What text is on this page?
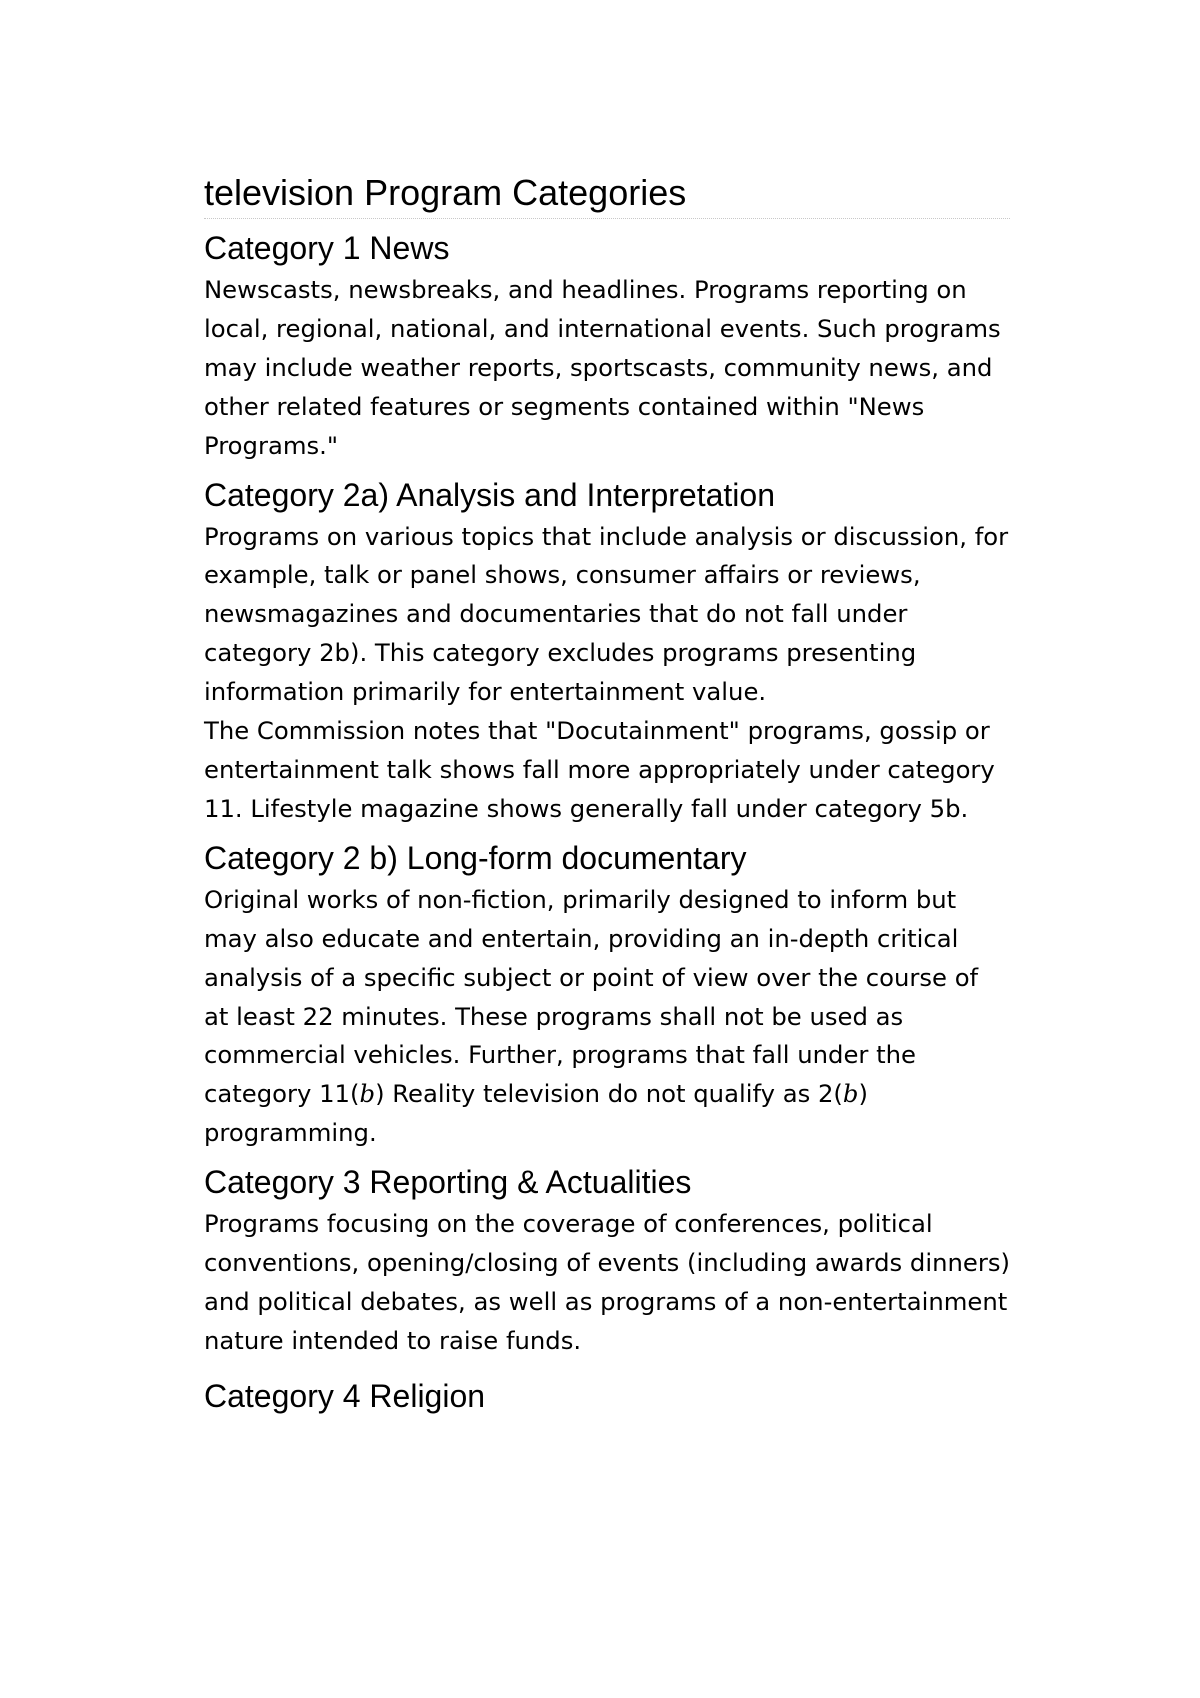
television Program Categories
Category 1 News

Newscasts, newsbreaks, and headlines. Programs reporting on local, regional, national, and international events. Such programs may include weather reports, sportscasts, community news, and other related features or segments contained within "News Programs."

Category 2a) Analysis and Interpretation

Programs on various topics that include analysis or discussion, for example, talk or panel shows, consumer affairs or reviews, newsmagazines and documentaries that do not fall under category 2b). This category excludes programs presenting information primarily for entertainment value.

The Commission notes that "Docutainment" programs, gossip or entertainment talk shows fall more appropriately under category 11. Lifestyle magazine shows generally fall under category 5b.

Category 2 b) Long-form documentary

Original works of non-fiction, primarily designed to inform but may also educate and entertain, providing an in-depth critical analysis of a specific subject or point of view over the course of at least 22 minutes. These programs shall not be used as commercial vehicles. Further, programs that fall under the category 11(b) Reality television do not qualify as 2(b) programming.

Category 3 Reporting & Actualities

Programs focusing on the coverage of conferences, political conventions, opening/closing of events (including awards dinners) and political debates, as well as programs of a non-entertainment nature intended to raise funds.

Category 4 Religion
